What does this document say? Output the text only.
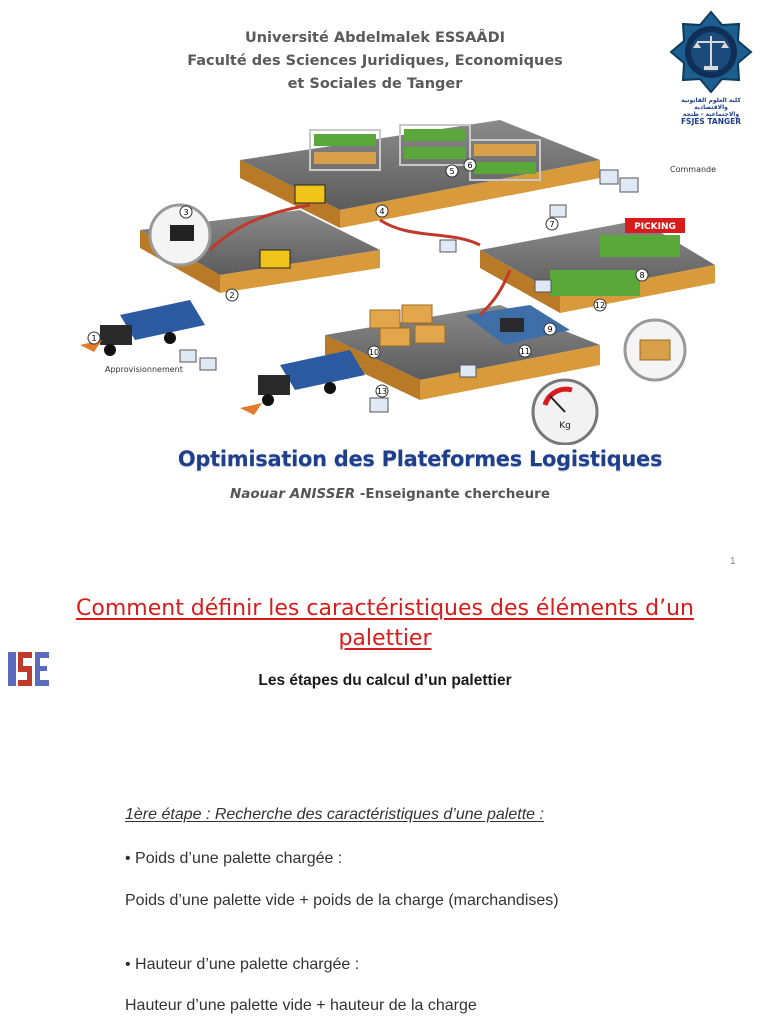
Université Abdelmalek ESSAÂDI
Faculté des Sciences Juridiques, Economiques
et Sociales de Tanger
كلية العلوم القانونية والاقتصادية
والاجتماعية - طنجة
FSJES TANGER
PICKING
Kg
Commande
Approvisionnement
1
2
3	4
5
6
7
8
9
10	11
12
13
Optimisation des Plateformes Logistiques
Naouar ANISSER -Enseignante chercheure
1
Comment définir les caractéristiques des éléments d’un palettier
Les étapes du calcul d’un palettier
1ère étape : Recherche des caractéristiques d’une palette :
• Poids d’une palette chargée :
Poids d’une palette vide + poids de la charge (marchandises)
• Hauteur d’une palette chargée :
Hauteur d’une palette vide + hauteur de la charge
